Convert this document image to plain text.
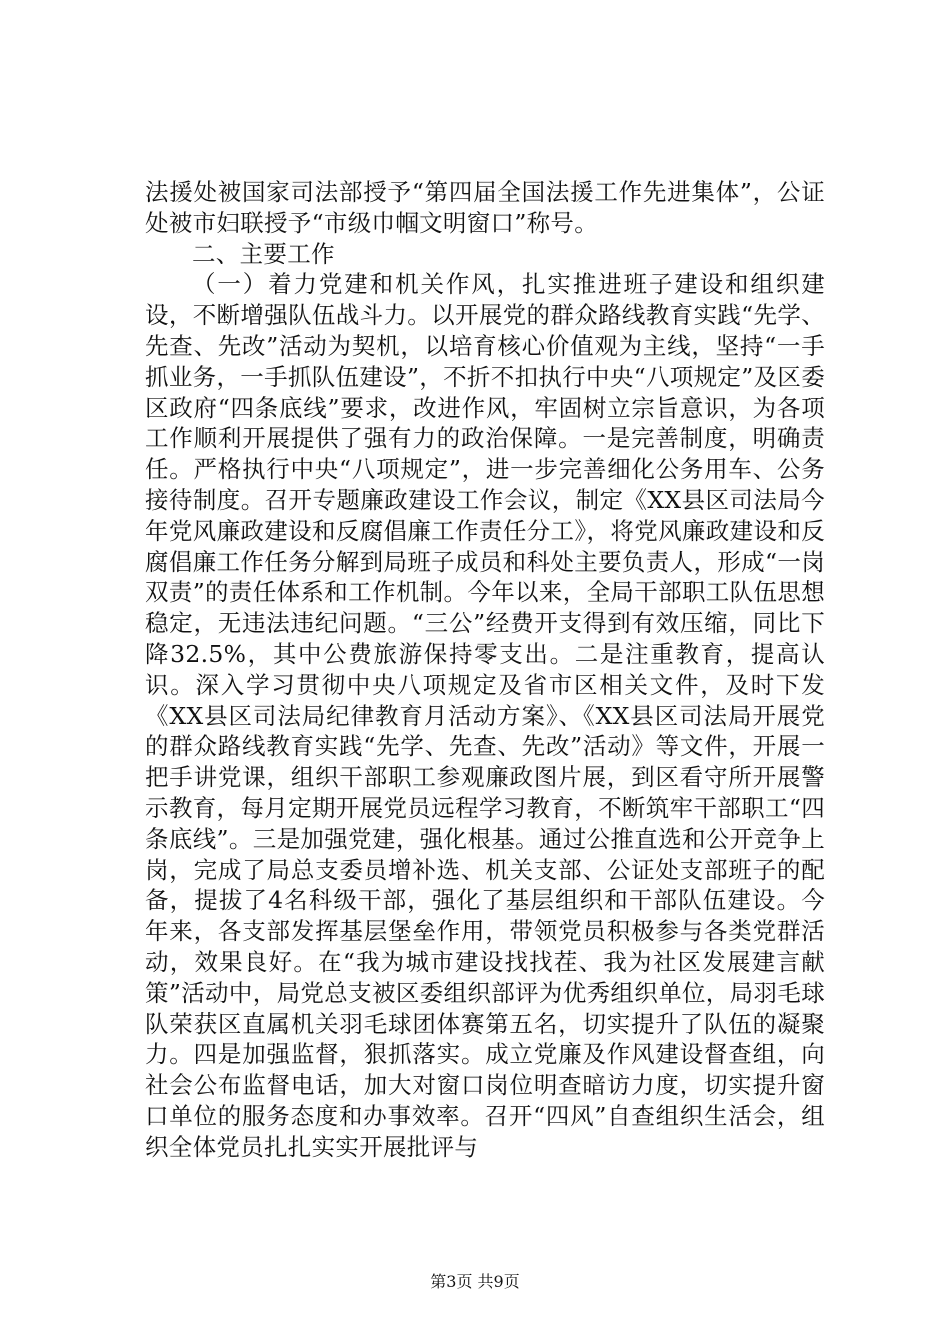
法援处被国家司法部授予“第四届全国法援工作先进集体”，公证处被市妇联授予“市级巾帼文明窗口”称号。

二、主要工作

（一）着力党建和机关作风，扎实推进班子建设和组织建设，不断增强队伍战斗力。以开展党的群众路线教育实践“先学、先查、先改”活动为契机，以培育核心价值观为主线，坚持“一手抓业务，一手抓队伍建设”，不折不扣执行中央“八项规定”及区委区政府“四条底线”要求，改进作风，牢固树立宗旨意识，为各项工作顺利开展提供了强有力的政治保障。一是完善制度，明确责任。严格执行中央“八项规定”，进一步完善细化公务用车、公务接待制度。召开专题廉政建设工作会议，制定《XX县区司法局今年党风廉政建设和反腐倡廉工作责任分工》，将党风廉政建设和反腐倡廉工作任务分解到局班子成员和科处主要负责人，形成“一岗双责”的责任体系和工作机制。今年以来，全局干部职工队伍思想稳定，无违法违纪问题。“三公”经费开支得到有效压缩，同比下降32.5%，其中公费旅游保持零支出。二是注重教育，提高认识。深入学习贯彻中央八项规定及省市区相关文件，及时下发《XX县区司法局纪律教育月活动方案》、《XX县区司法局开展党的群众路线教育实践“先学、先查、先改”活动》等文件，开展一把手讲党课，组织干部职工参观廉政图片展，到区看守所开展警示教育，每月定期开展党员远程学习教育，不断筑牢干部职工“四条底线”。三是加强党建，强化根基。通过公推直选和公开竞争上岗，完成了局总支委员增补选、机关支部、公证处支部班子的配备，提拔了4名科级干部，强化了基层组织和干部队伍建设。今年来，各支部发挥基层堡垒作用，带领党员积极参与各类党群活动，效果良好。在“我为城市建设找找茬、我为社区发展建言献策”活动中，局党总支被区委组织部评为优秀组织单位，局羽毛球队荣获区直属机关羽毛球团体赛第五名，切实提升了队伍的凝聚力。四是加强监督，狠抓落实。成立党廉及作风建设督查组，向社会公布监督电话，加大对窗口岗位明查暗访力度，切实提升窗口单位的服务态度和办事效率。召开“四风”自查组织生活会，组织全体党员扎扎实实开展批评与

第3页 共9页
